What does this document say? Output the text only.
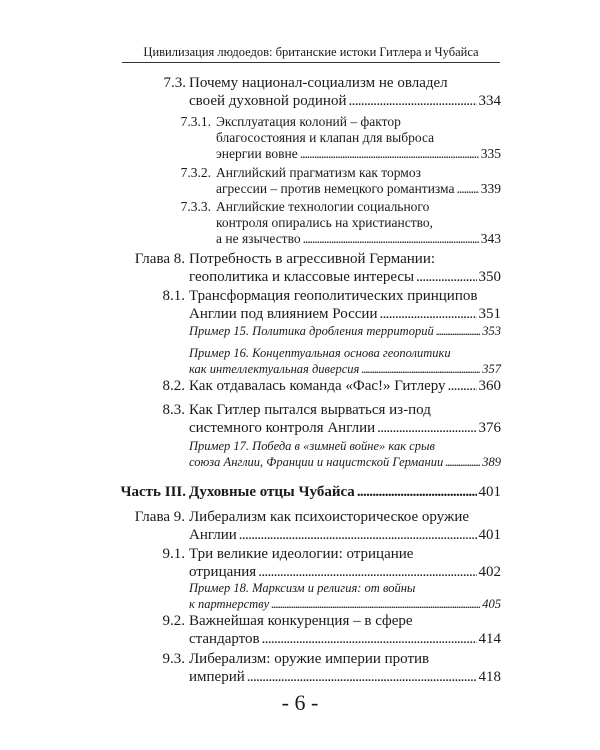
Цивилизация людоедов: британские истоки Гитлера и Чубайса
7.3. Почему национал-социализм не овладел
своей духовной родиной . . .	334
7.3.1. Эксплуатация колоний – фактор
благосостояния и клапан для выброса
энергии вовне . . .	335
7.3.2. Английский прагматизм как тормоз
агрессии – против немецкого романтизма . . . 339
7.3.3. Английские технологии социального
контроля опирались на христианство,
а не язычество . . .	343
Глава 8. Потребность в агрессивной Германии:
геополитика и классовые интересы . . .	350
8.1. Трансформация геополитических принципов
Англии под влиянием России . . .	351
Пример 15. Политика дробления территорий . . .	353
Пример 16. Концептуальная основа геополитики
как интеллектуальная диверсия . . .	357
8.2. Как отдавалась команда «Фас!» Гитлеру . . . 360
8.3. Как Гитлер пытался вырваться из-под
системного контроля Англии . . .	376
Пример 17. Победа в «зимней войне» как срыв
союза Англии, Франции и нацистской Германии . . .	389
Часть III. Духовные отцы Чубайса . . .	401
Глава 9. Либерализм как психоисторическое оружие
Англии . . .	401
9.1. Три великие идеологии: отрицание
отрицания . . .	402
Пример 18. Марксизм и религия: от войны
к партнерству . . .	405
9.2. Важнейшая конкуренция – в сфере
стандартов . . .	414
9.3. Либерализм: оружие империи против
империй . . .	418
- 6 -
